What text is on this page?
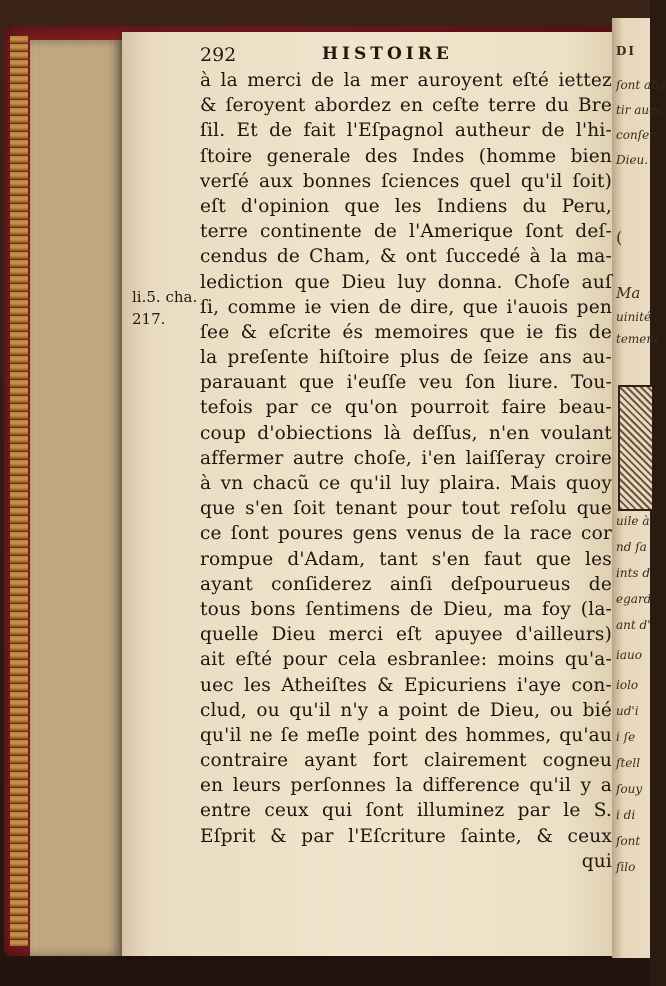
DI
ſont aba
tir auec
conſer
Dieu.
(
Ma
uinité
tement
uile à
nd ſa
ints d
egard
ant d'
iauo
iolo
ud'i
i ſe
ſtell
ſouy
i di
ſont
ſilo
292	HISTOIRE
li.5. cha.
217.
à la merci de la mer auroyent eſté iettez
& ſeroyent abordez en ceſte terre du Bre
ſil. Et de fait l'Eſpagnol autheur de l'hi-
ſtoire generale des Indes (homme bien
verſé aux bonnes ſciences quel qu'il ſoit)
eſt d'opinion que les Indiens du Peru,
terre continente de l'Amerique ſont deſ-
cendus de Cham, & ont ſuccedé à la ma-
lediction que Dieu luy donna. Choſe auſ
ſi, comme ie vien de dire, que i'auois pen
ſee & eſcrite és memoires que ie fis de
la preſente hiſtoire plus de ſeize ans au-
parauant que i'euſſe veu ſon liure. Tou-
tefois par ce qu'on pourroit faire beau-
coup d'obiections là deſſus, n'en voulant
affermer autre choſe, i'en laiſſeray croire
à vn chacũ ce qu'il luy plaira. Mais quoy
que s'en ſoit tenant pour tout reſolu que
ce ſont poures gens venus de la race cor
rompue d'Adam, tant s'en faut que les
ayant conſiderez ainſi deſpourueus de
tous bons ſentimens de Dieu, ma foy (la-
quelle Dieu merci eſt apuyee d'ailleurs)
ait eſté pour cela esbranlee: moins qu'a-
uec les Atheiſtes & Epicuriens i'aye con-
clud, ou qu'il n'y a point de Dieu, ou bié
qu'il ne ſe meſle point des hommes, qu'au
contraire ayant fort clairement cogneu
en leurs perſonnes la difference qu'il y a
entre ceux qui ſont illuminez par le S.
Eſprit & par l'Eſcriture ſainte, & ceux
qui
